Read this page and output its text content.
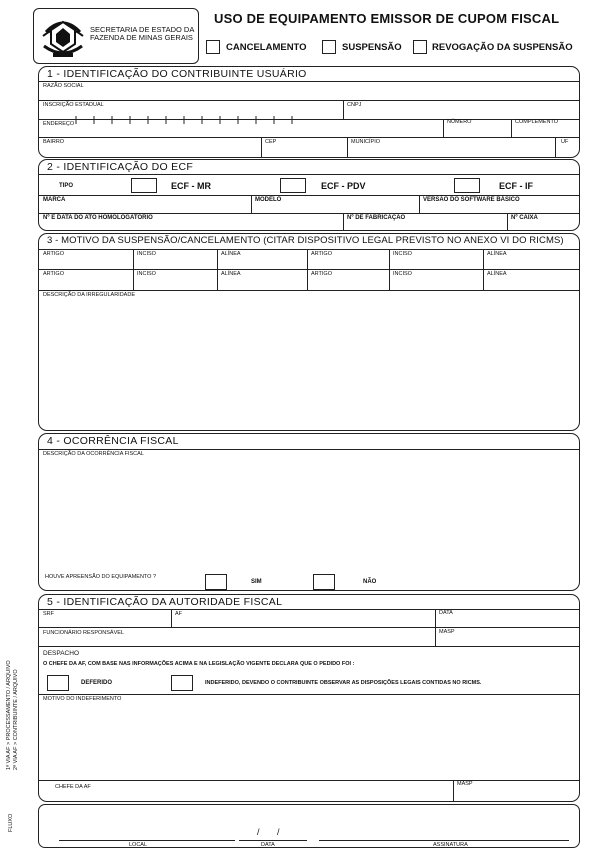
SECRETARIA DE ESTADO DA
FAZENDA DE MINAS GERAIS
USO DE EQUIPAMENTO EMISSOR DE CUPOM FISCAL
CANCELAMENTO	SUSPENSÃO	REVOGAÇÃO DA SUSPENSÃO
1 - IDENTIFICAÇÃO DO CONTRIBUINTE USUÁRIO
RAZÃO SOCIAL
INSCRIÇÃO ESTADUAL	CNPJ
ENDEREÇO	NÚMERO	COMPLEMENTO
BAIRRO	CEP	MUNICÍPIO	UF
2 - IDENTIFICAÇÃO DO ECF
TIPO	ECF - MR	ECF - PDV	ECF - IF
MARCA	MODELO	VERSÃO DO SOFTWARE BÁSICO
Nº E DATA DO ATO HOMOLOGATÓRIO	Nº DE FABRICAÇÃO	Nº CAIXA
3 - MOTIVO DA SUSPENSÃO/CANCELAMENTO (CITAR DISPOSITIVO LEGAL PREVISTO NO ANEXO VI DO RICMS)
ARTIGO	INCISO	ALÍNEA	ARTIGO	INCISO	ALÍNEA
ARTIGO	INCISO	ALÍNEA	ARTIGO	INCISO	ALÍNEA
DESCRIÇÃO DA IRREGULARIDADE
4 - OCORRÊNCIA FISCAL
DESCRIÇÃO DA OCORRÊNCIA FISCAL
HOUVE APREENSÃO DO EQUIPAMENTO ?
SIM	NÃO
5 - IDENTIFICAÇÃO DA AUTORIDADE FISCAL
SRF	AF	DATA
FUNCIONÁRIO RESPONSÁVEL	MASP
DESPACHO
O CHEFE DA AF, COM BASE NAS INFORMAÇÕES ACIMA E NA LEGISLAÇÃO VIGENTE DECLARA QUE O PEDIDO FOI :
DEFERIDO	INDEFERIDO, DEVENDO O CONTRIBUINTE OBSERVAR AS DISPOSIÇÕES LEGAIS CONTIDAS NO RICMS.
MOTIVO DO INDEFERIMENTO
CHEFE DA AF	MASP
/       /
LOCAL	DATA	ASSINATURA
1ª VIA AF > PROCESSAMENTO / ARQUIVO 2ª VIA AF > CONTRIBUINTE / ARQUIVO
FLUXO
